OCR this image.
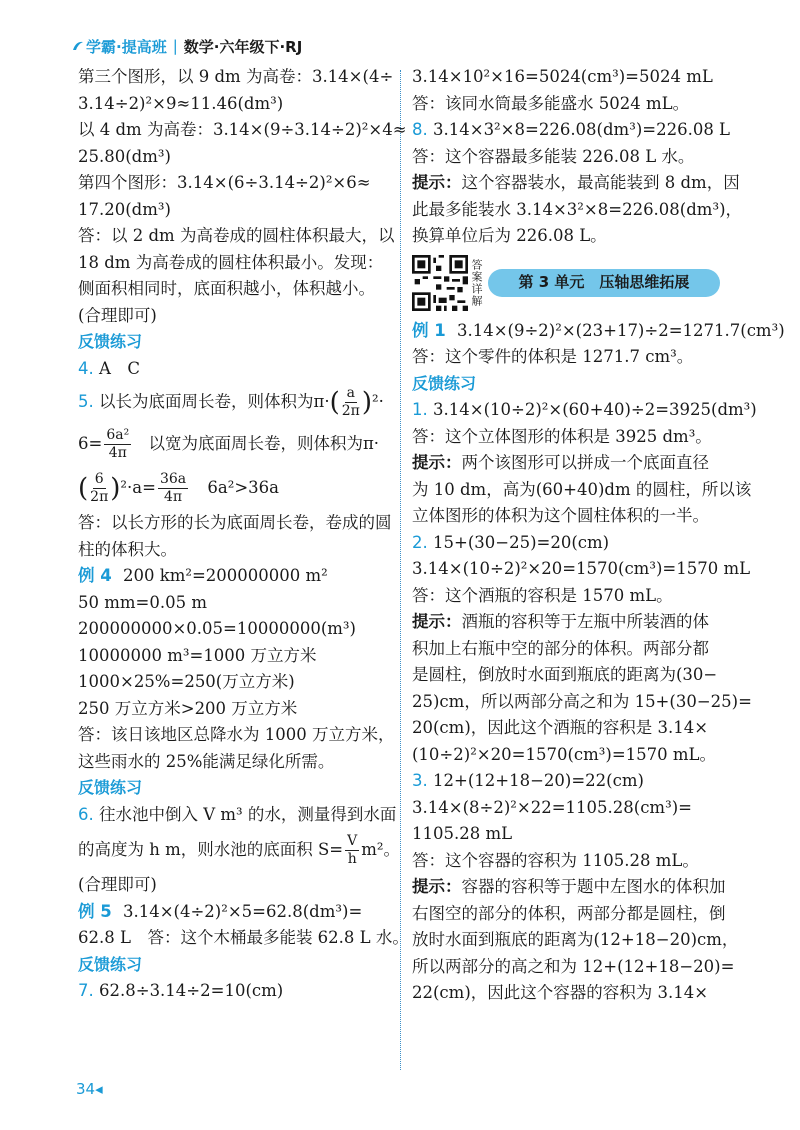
学霸·提高班 | 数学·六年级下·RJ
第三个图形，以 9 dm 为高卷：3.14×(4÷
3.14÷2)²×9≈11.46(dm³)
以 4 dm 为高卷：3.14×(9÷3.14÷2)²×4≈
25.80(dm³)
第四个图形：3.14×(6÷3.14÷2)²×6≈
17.20(dm³)
答：以 2 dm 为高卷成的圆柱体积最大，以
18 dm 为高卷成的圆柱体积最小。发现：
侧面积相同时，底面积越小，体积越小。
(合理即可)
反馈练习
4. A　C
5. 以长为底面周长卷，则体积为$\pi\cdot( \frac{a}{2\pi} )^2\cdot$
$6= \frac{\text{6a²}}{4\pi}$ 以宽为底面周长卷，则体积为π·
( $\frac{6}{2\pi} )^2\cdot a= \frac{36a}{4\pi} 6a^2>36a$
答：以长方形的长为底面周长卷，卷成的圆
柱的体积大。
例 4 200 km²=200000000 m²
50 mm=0.05 m
200000000×0.05=10000000(m³)
10000000 m³=1000 万立方米
1000×25%=250(万立方米)
250 万立方米>200 万立方米
答：该日该地区总降水为 1000 万立方米，
这些雨水的 25%能满足绿化所需。
反馈练习
6. 往水池中倒入 V m³ 的水，测量得到水面
的高度为 h m，则水池的底面积 $S= \frac{V}{h} m^2$。
(合理即可)
例 5 3.14×(4÷2)²×5=62.8(dm³)=
62.8 L　答：这个木桶最多能装 62.8 L 水。
反馈练习
7. 62.8÷3.14÷2=10(cm)
3.14×10²×16=5024(cm³)=5024 mL
答：该同水筒最多能盛水 5024 mL。
8. 3.14×3²×8=226.08(dm³)=226.08 L
答：这个容器最多能装 226.08 L 水。
提示：这个容器装水，最高能装到 8 dm，因
此最多能装水 3.14×3²×8=226.08(dm³)，
换算单位后为 226.08 L。
答案详解	第 3 单元　压轴思维拓展
例 1 3.14×(9÷2)²×(23+17)÷2=1271.7(cm³)
答：这个零件的体积是 1271.7 cm³。
反馈练习
1. 3.14×(10÷2)²×(60+40)÷2=3925(dm³)
答：这个立体图形的体积是 3925 dm³。
提示：两个该图形可以拼成一个底面直径
为 10 dm，高为(60+40)dm 的圆柱，所以该
立体图形的体积为这个圆柱体积的一半。
2. 15+(30−25)=20(cm)
3.14×(10÷2)²×20=1570(cm³)=1570 mL
答：这个酒瓶的容积是 1570 mL。
提示：酒瓶的容积等于左瓶中所装酒的体
积加上右瓶中空的部分的体积。两部分都
是圆柱，倒放时水面到瓶底的距离为(30−
25)cm，所以两部分高之和为 15+(30−25)=
20(cm)，因此这个酒瓶的容积是 3.14×
(10÷2)²×20=1570(cm³)=1570 mL。
3. 12+(12+18−20)=22(cm)
3.14×(8÷2)²×22=1105.28(cm³)=
1105.28 mL
答：这个容器的容积为 1105.28 mL。
提示：容器的容积等于题中左图水的体积加
右图空的部分的体积，两部分都是圆柱，倒
放时水面到瓶底的距离为(12+18−20)cm，
所以两部分的高之和为 12+(12+18−20)=
22(cm)，因此这个容器的容积为 3.14×
34◂
